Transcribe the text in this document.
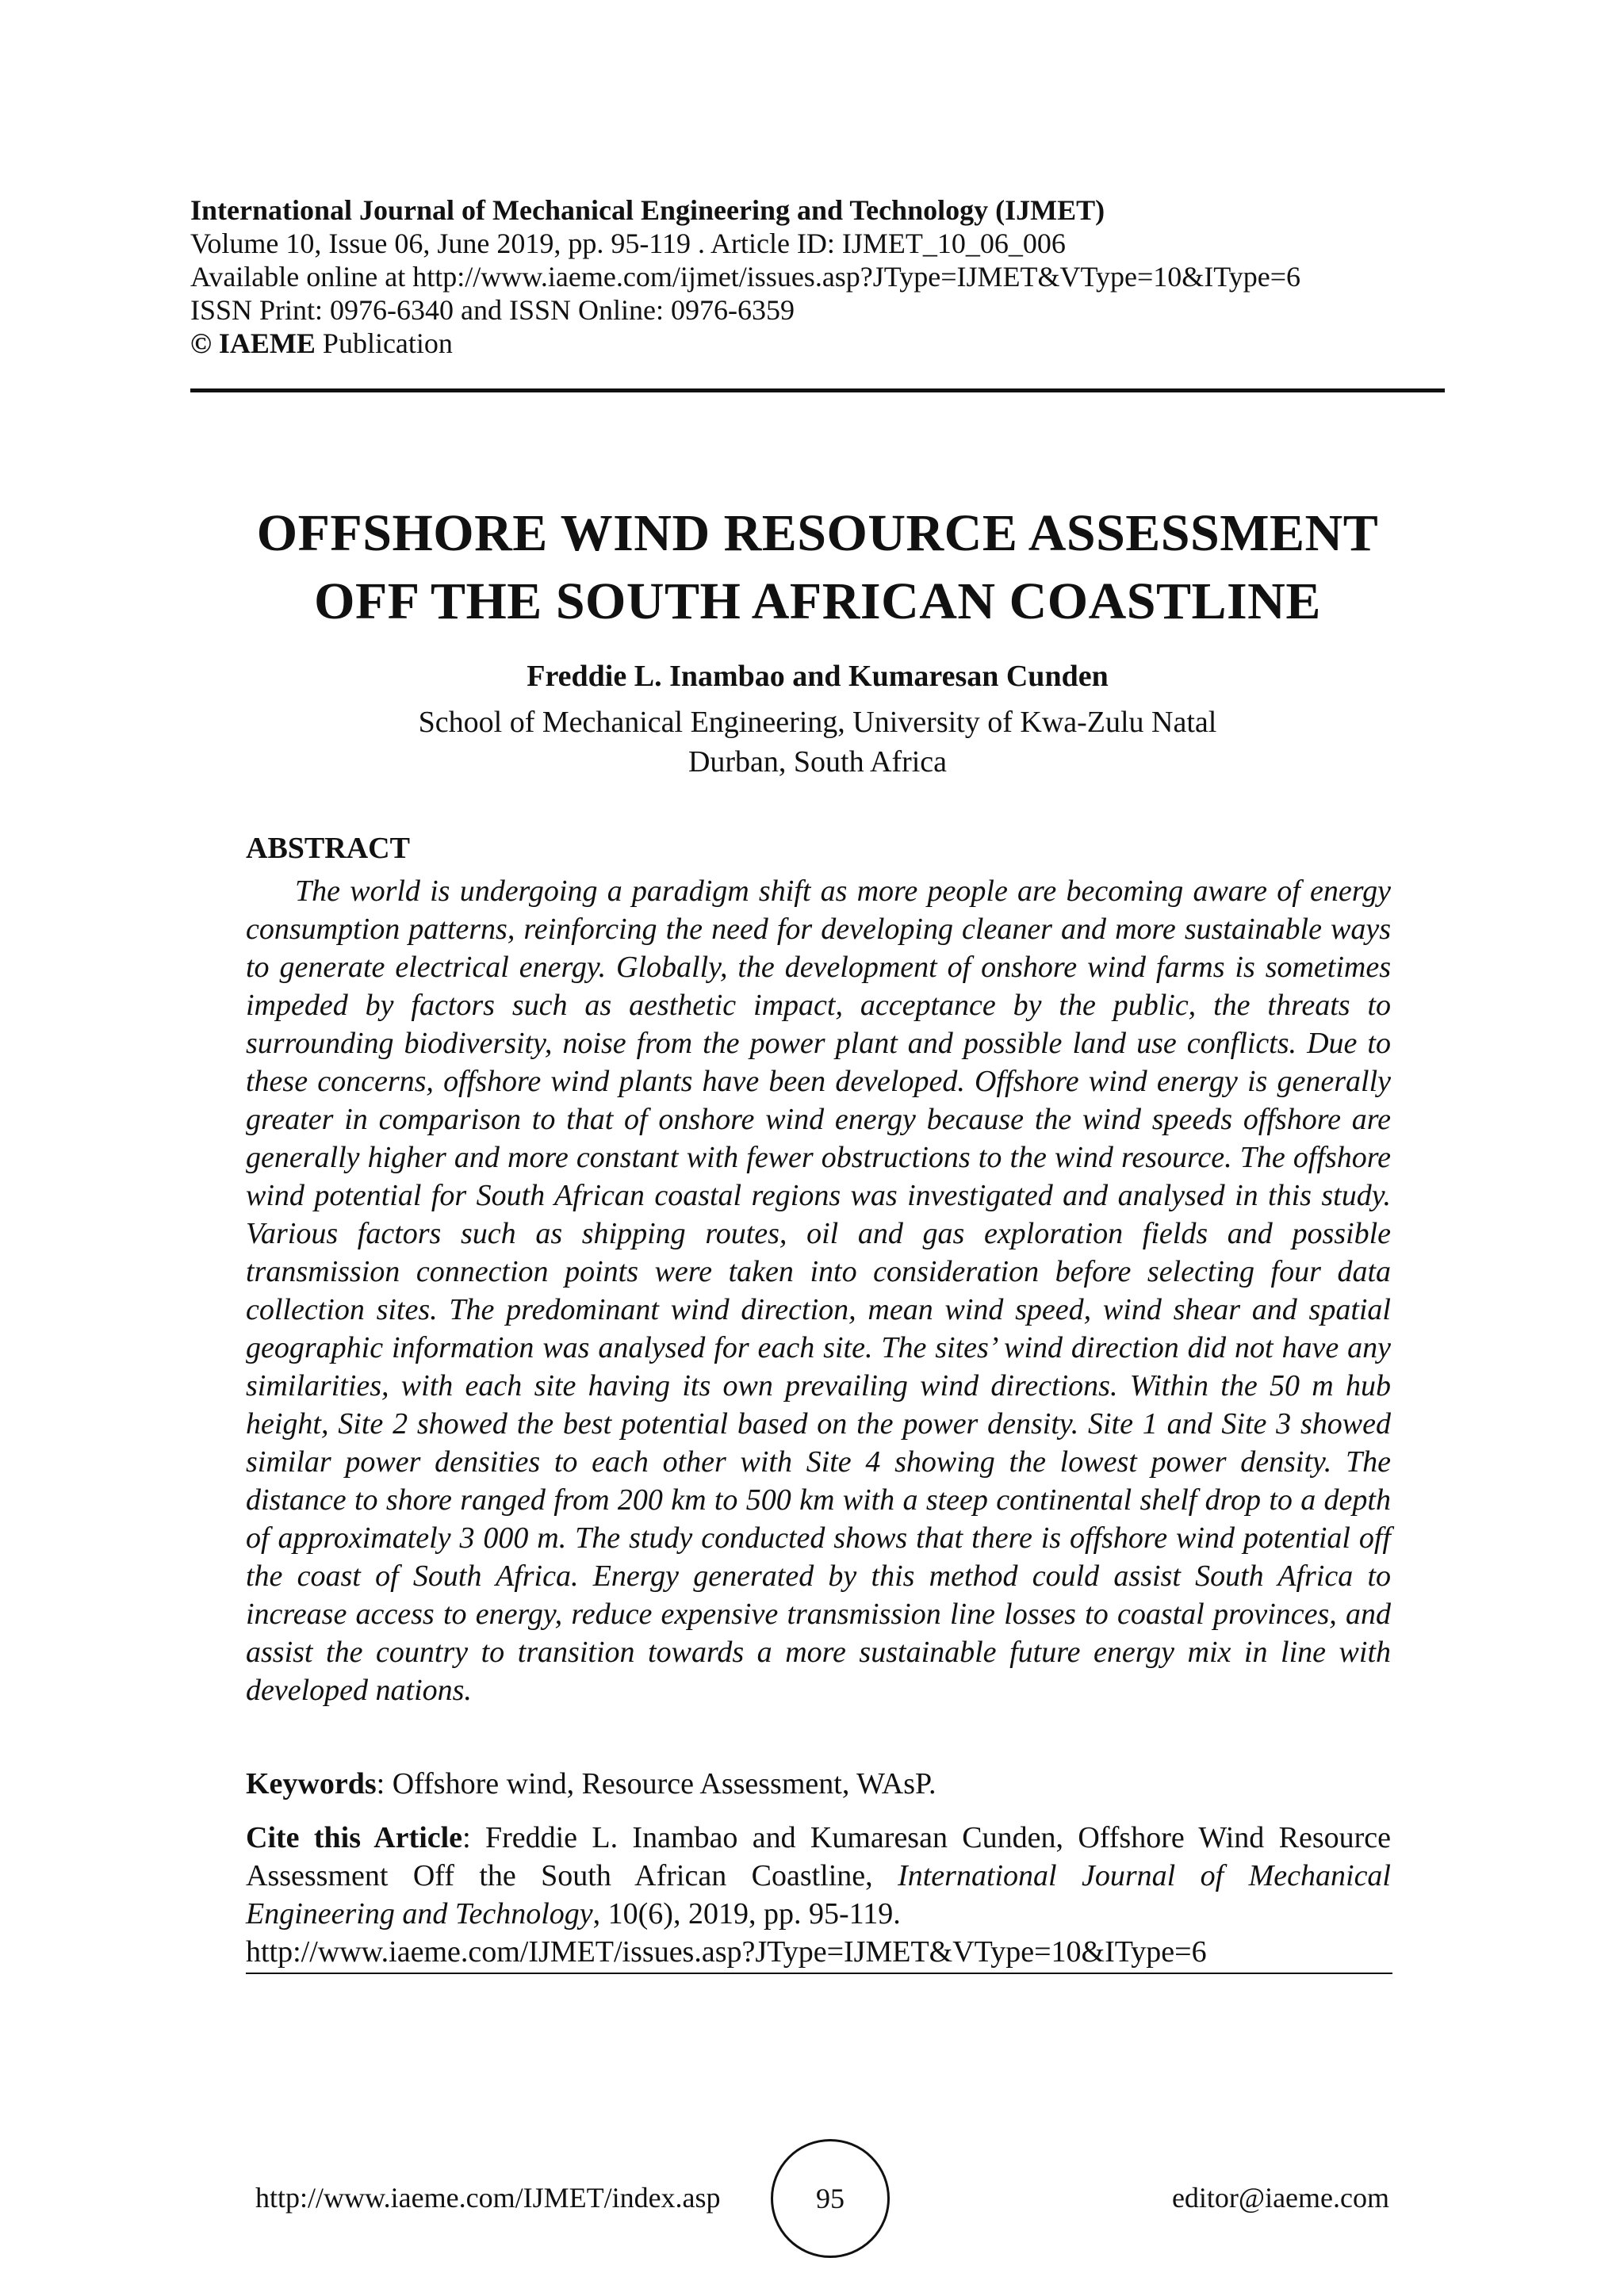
International Journal of Mechanical Engineering and Technology (IJMET)
Volume 10, Issue 06, June 2019, pp. 95-119 . Article ID: IJMET_10_06_006
Available online at http://www.iaeme.com/ijmet/issues.asp?JType=IJMET&VType=10&IType=6
ISSN Print: 0976-6340 and ISSN Online: 0976-6359
© IAEME Publication
OFFSHORE WIND RESOURCE ASSESSMENT
OFF THE SOUTH AFRICAN COASTLINE
Freddie L. Inambao and Kumaresan Cunden
School of Mechanical Engineering, University of Kwa-Zulu Natal
Durban, South Africa
ABSTRACT

The world is undergoing a paradigm shift as more people are becoming aware of energy consumption patterns, reinforcing the need for developing cleaner and more sustainable ways to generate electrical energy. Globally, the development of onshore wind farms is sometimes impeded by factors such as aesthetic impact, acceptance by the public, the threats to surrounding biodiversity, noise from the power plant and possible land use conflicts. Due to these concerns, offshore wind plants have been developed. Offshore wind energy is generally greater in comparison to that of onshore wind energy because the wind speeds offshore are generally higher and more constant with fewer obstructions to the wind resource. The offshore wind potential for South African coastal regions was investigated and analysed in this study. Various factors such as shipping routes, oil and gas exploration fields and possible transmission connection points were taken into consideration before selecting four data collection sites. The predominant wind direction, mean wind speed, wind shear and spatial geographic information was analysed for each site. The sites’ wind direction did not have any similarities, with each site having its own prevailing wind directions. Within the 50 m hub height, Site 2 showed the best potential based on the power density. Site 1 and Site 3 showed similar power densities to each other with Site 4 showing the lowest power density. The distance to shore ranged from 200 km to 500 km with a steep continental shelf drop to a depth of approximately 3 000 m. The study conducted shows that there is offshore wind potential off the coast of South Africa. Energy generated by this method could assist South Africa to increase access to energy, reduce expensive transmission line losses to coastal provinces, and assist the country to transition towards a more sustainable future energy mix in line with developed nations.

Keywords: Offshore wind, Resource Assessment, WAsP.
Cite this Article: Freddie L. Inambao and Kumaresan Cunden, Offshore Wind Resource Assessment Off the South African Coastline, International Journal of Mechanical Engineering and Technology, 10(6), 2019, pp. 95-119.
http://www.iaeme.com/IJMET/issues.asp?JType=IJMET&VType=10&IType=6
http://www.iaeme.com/IJMET/index.asp	95	editor@iaeme.com
